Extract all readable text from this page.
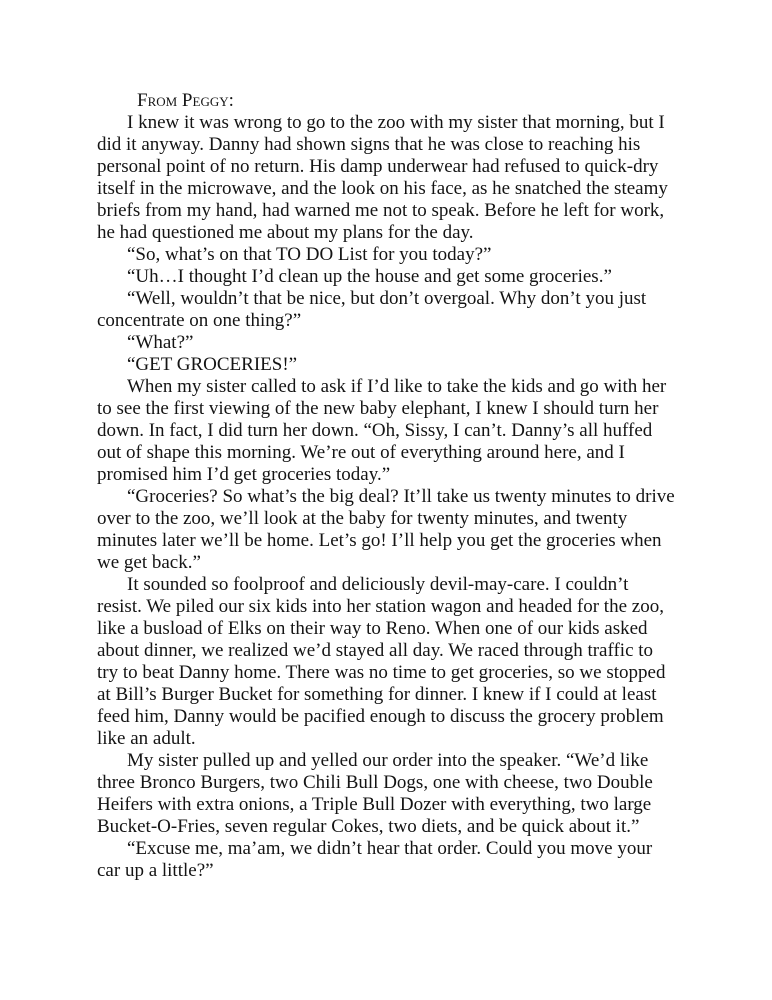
From Peggy:

I knew it was wrong to go to the zoo with my sister that morning, but I did it anyway. Danny had shown signs that he was close to reaching his personal point of no return. His damp underwear had refused to quick-dry itself in the microwave, and the look on his face, as he snatched the steamy briefs from my hand, had warned me not to speak. Before he left for work, he had questioned me about my plans for the day.

“So, what’s on that TO DO List for you today?”

“Uh…I thought I’d clean up the house and get some groceries.”

“Well, wouldn’t that be nice, but don’t overgoal. Why don’t you just concentrate on one thing?”

“What?”

“GET GROCERIES!”

When my sister called to ask if I’d like to take the kids and go with her to see the first viewing of the new baby elephant, I knew I should turn her down. In fact, I did turn her down. “Oh, Sissy, I can’t. Danny’s all huffed out of shape this morning. We’re out of everything around here, and I promised him I’d get groceries today.”

“Groceries? So what’s the big deal? It’ll take us twenty minutes to drive over to the zoo, we’ll look at the baby for twenty minutes, and twenty minutes later we’ll be home. Let’s go! I’ll help you get the groceries when we get back.”

It sounded so foolproof and deliciously devil-may-care. I couldn’t resist. We piled our six kids into her station wagon and headed for the zoo, like a busload of Elks on their way to Reno. When one of our kids asked about dinner, we realized we’d stayed all day. We raced through traffic to try to beat Danny home. There was no time to get groceries, so we stopped at Bill’s Burger Bucket for something for dinner. I knew if I could at least feed him, Danny would be pacified enough to discuss the grocery problem like an adult.

My sister pulled up and yelled our order into the speaker. “We’d like three Bronco Burgers, two Chili Bull Dogs, one with cheese, two Double Heifers with extra onions, a Triple Bull Dozer with everything, two large Bucket-O-Fries, seven regular Cokes, two diets, and be quick about it.”

“Excuse me, ma’am, we didn’t hear that order. Could you move your car up a little?”
